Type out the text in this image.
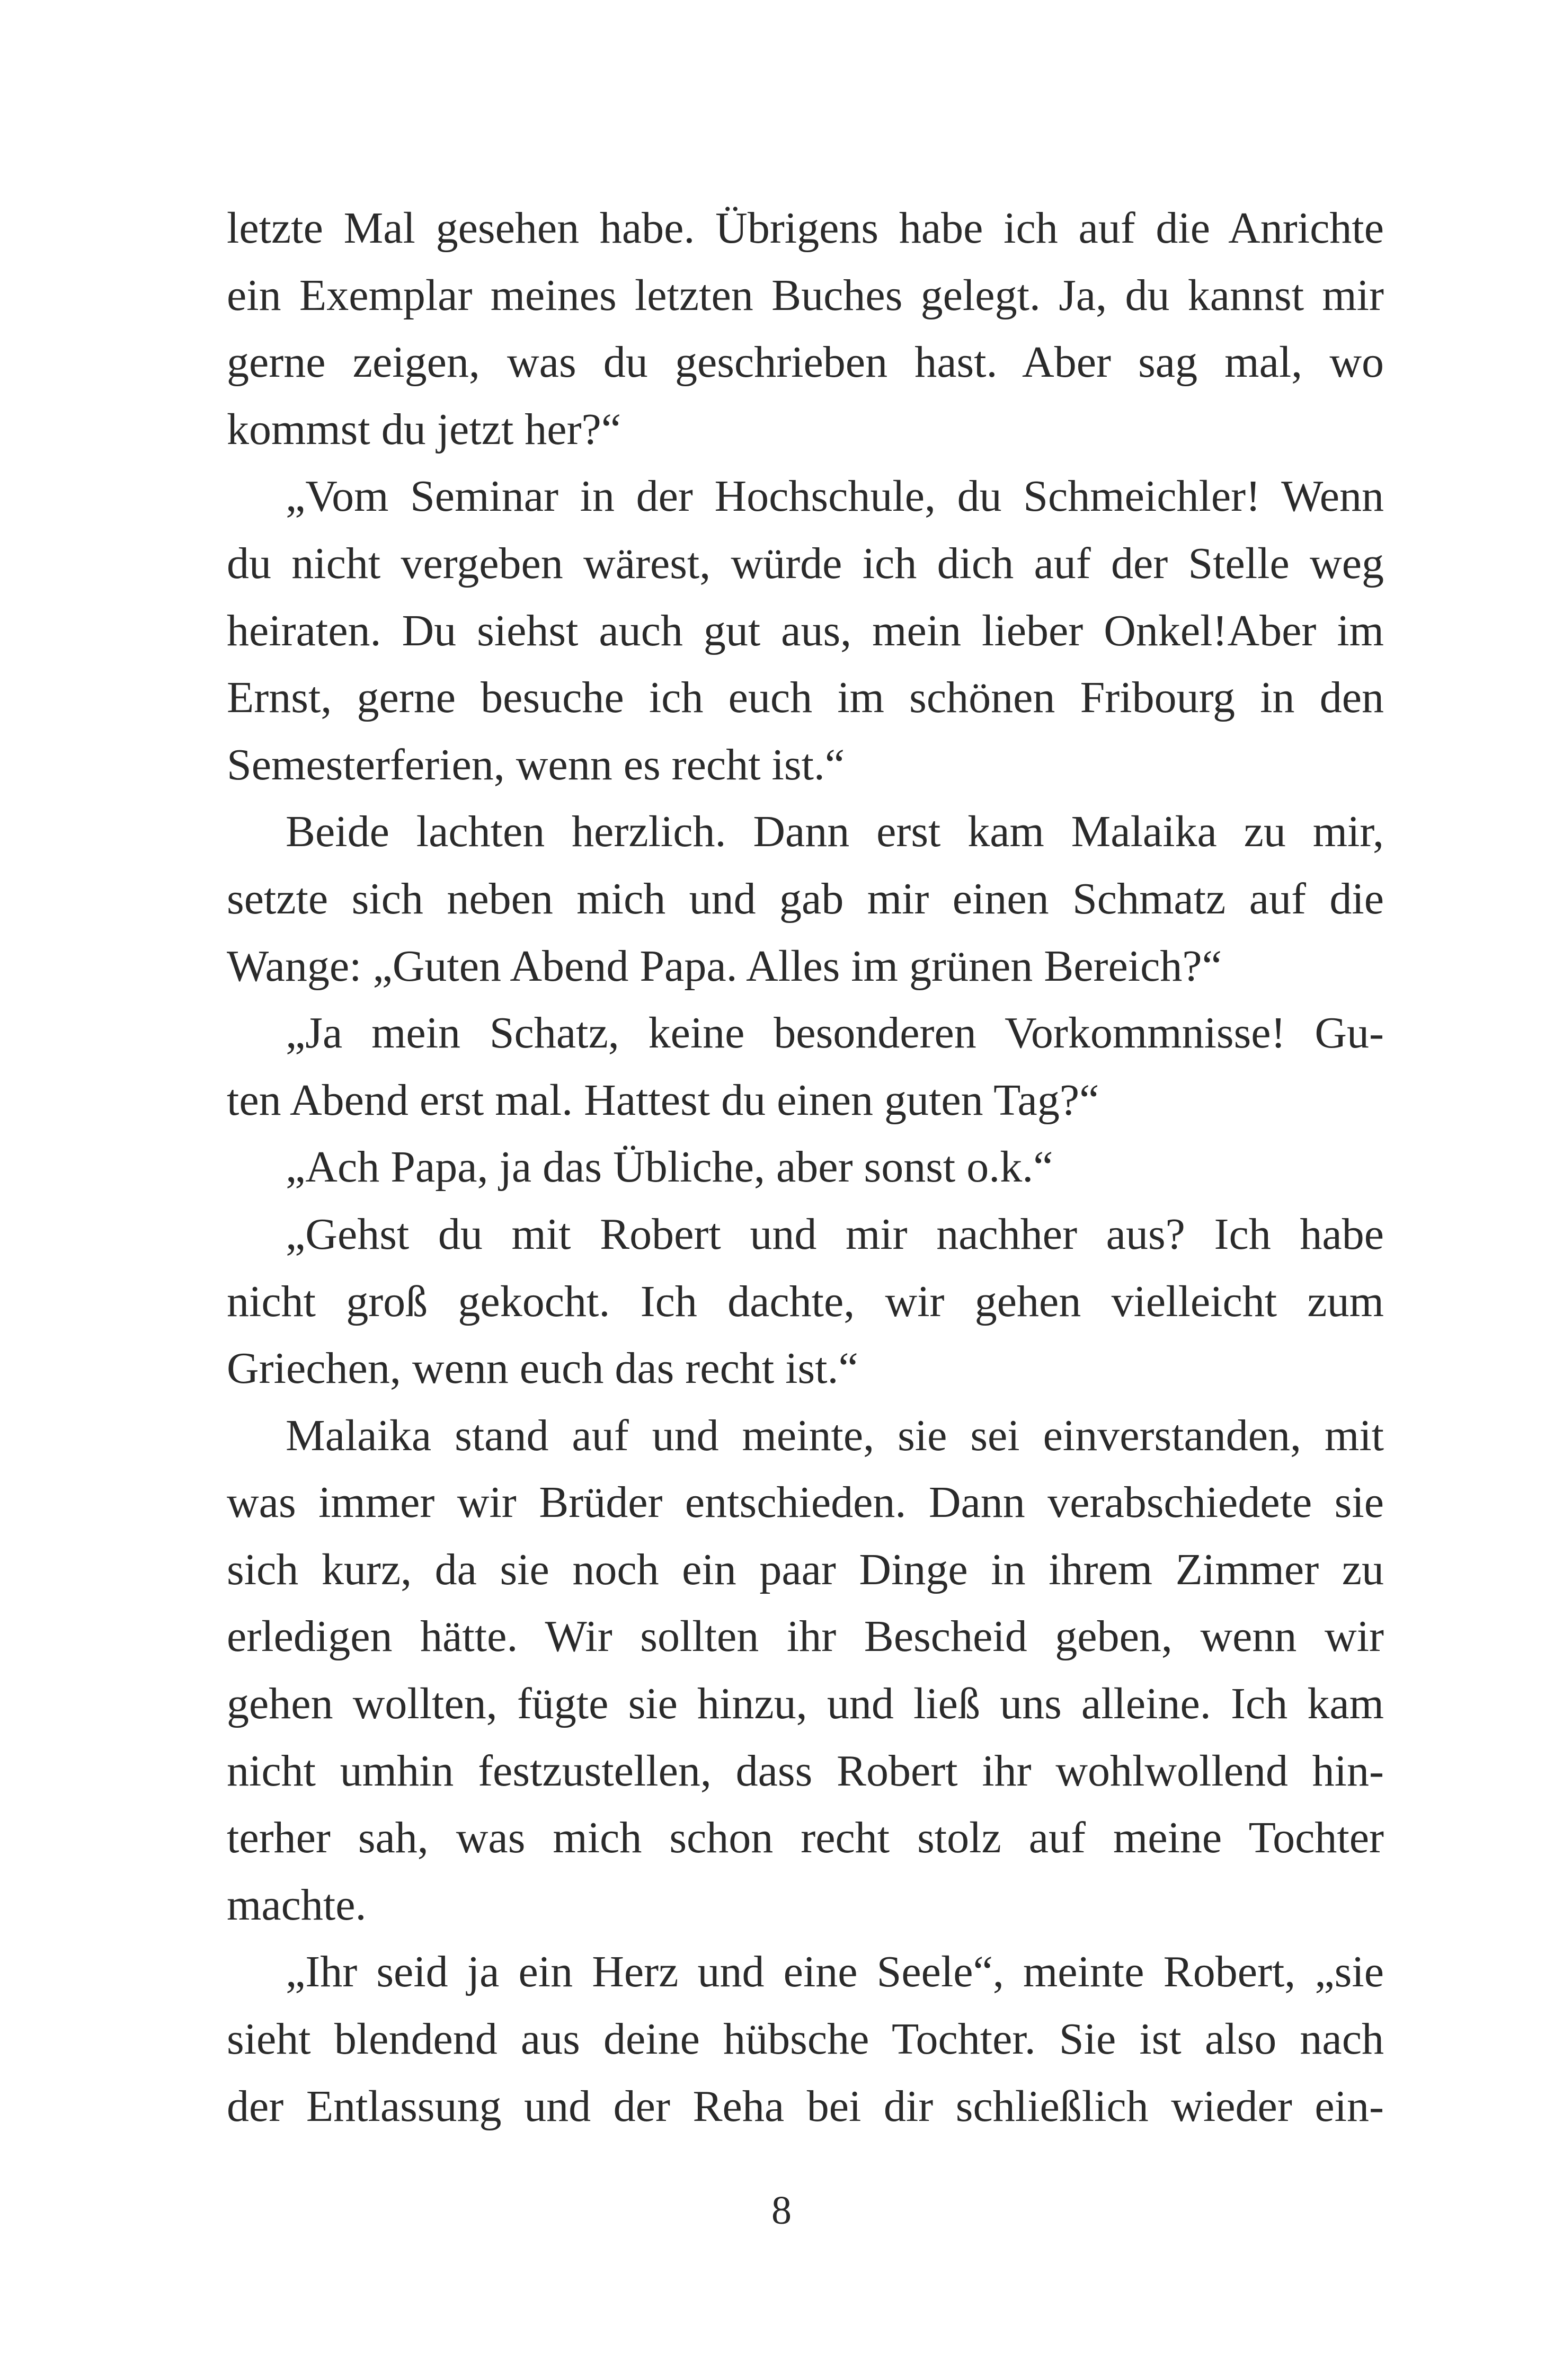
letzte Mal gesehen habe. Übrigens habe ich auf die Anrichte
ein Exemplar meines letzten Buches gelegt. Ja, du kannst mir
gerne zeigen, was du geschrieben hast. Aber sag mal, wo
kommst du jetzt her?“

„Vom Seminar in der Hochschule, du Schmeichler! Wenn
du nicht vergeben wärest, würde ich dich auf der Stelle weg
heiraten. Du siehst auch gut aus, mein lieber Onkel!Aber im
Ernst, gerne besuche ich euch im schönen Fribourg in den
Semesterferien, wenn es recht ist.“

Beide lachten herzlich. Dann erst kam Malaika zu mir,
setzte sich neben mich und gab mir einen Schmatz auf die
Wange: „Guten Abend Papa. Alles im grünen Bereich?“

„Ja mein Schatz, keine besonderen Vorkommnisse! Gu-
ten Abend erst mal. Hattest du einen guten Tag?“

„Ach Papa, ja das Übliche, aber sonst o.k.“

„Gehst du mit Robert und mir nachher aus? Ich habe
nicht groß gekocht. Ich dachte, wir gehen vielleicht zum
Griechen, wenn euch das recht ist.“

Malaika stand auf und meinte, sie sei einverstanden, mit
was immer wir Brüder entschieden. Dann verabschiedete sie
sich kurz, da sie noch ein paar Dinge in ihrem Zimmer zu
erledigen hätte. Wir sollten ihr Bescheid geben, wenn wir
gehen wollten, fügte sie hinzu, und ließ uns alleine. Ich kam
nicht umhin festzustellen, dass Robert ihr wohlwollend hin-
terher sah, was mich schon recht stolz auf meine Tochter
machte.

„Ihr seid ja ein Herz und eine Seele“, meinte Robert, „sie
sieht blendend aus deine hübsche Tochter. Sie ist also nach
der Entlassung und der Reha bei dir schließlich wieder ein-

8
